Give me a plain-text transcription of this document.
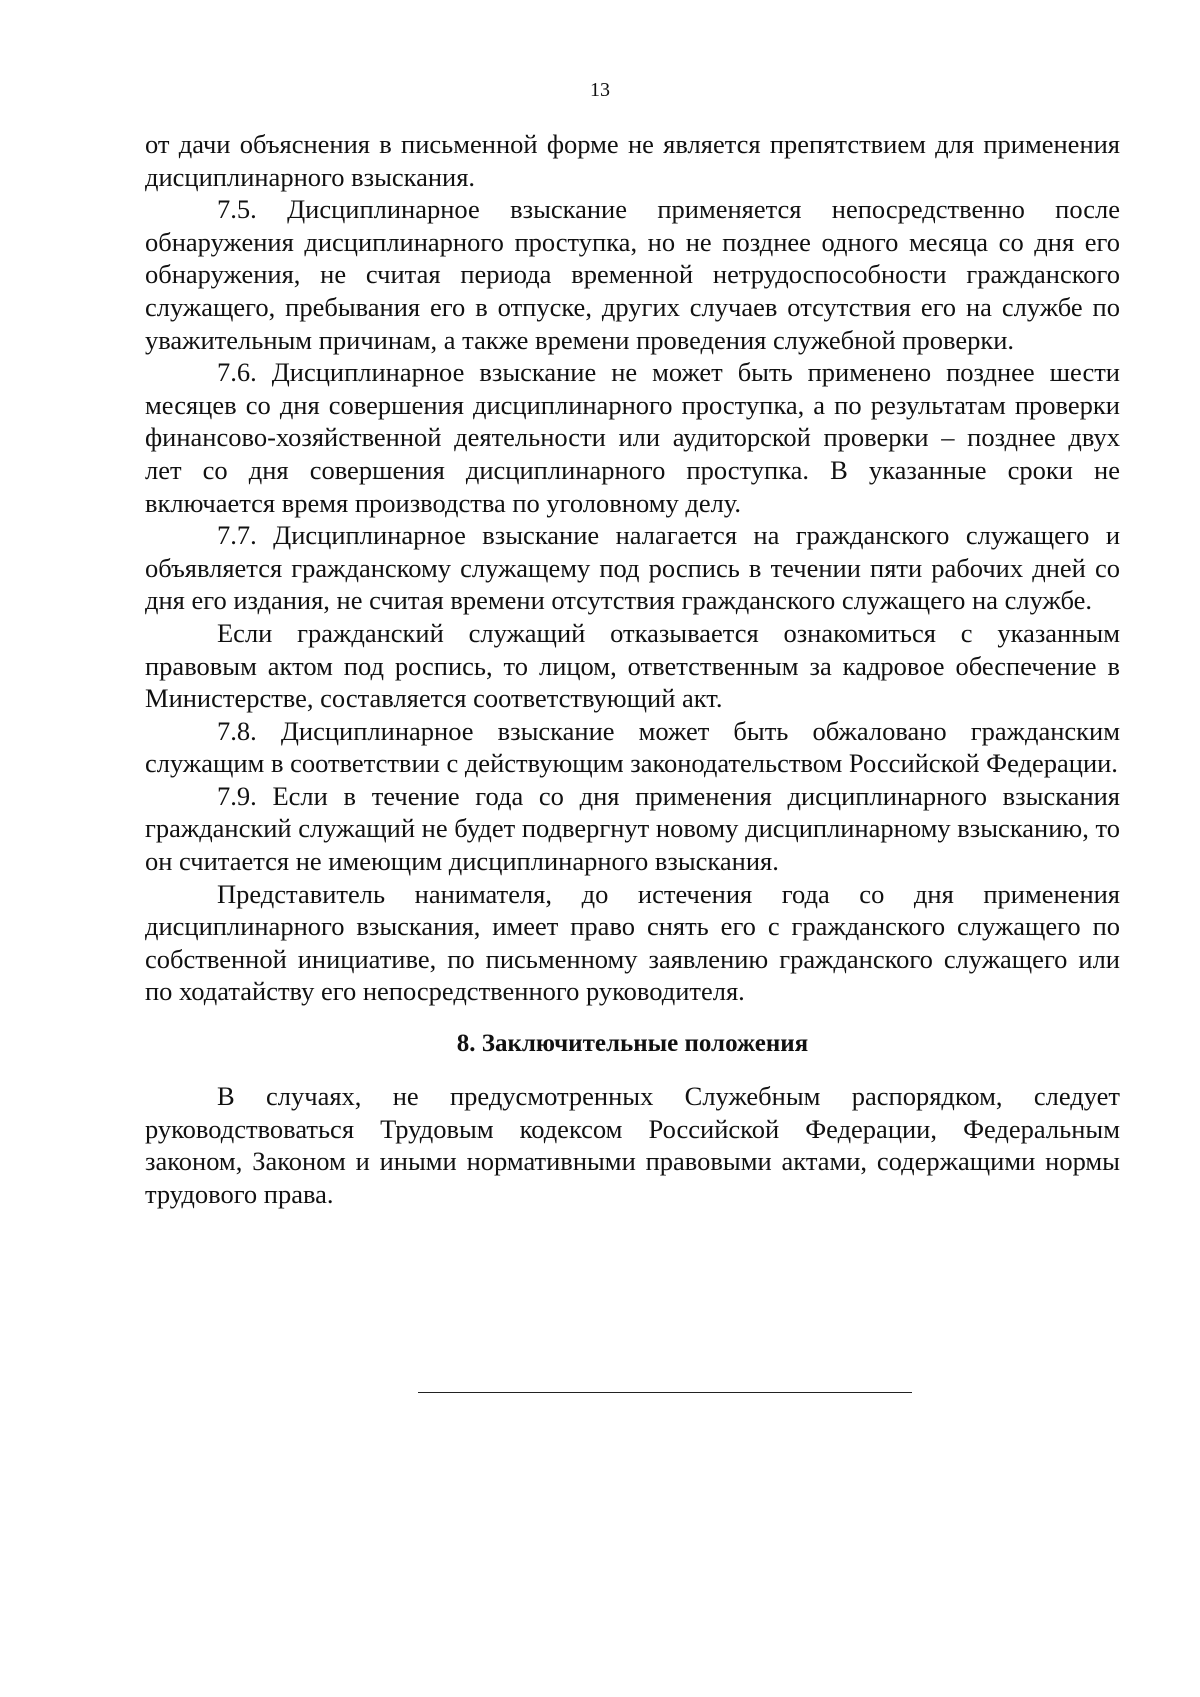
13

от дачи объяснения в письменной форме не является препятствием для применения дисциплинарного взыскания.

7.5. Дисциплинарное взыскание применяется непосредственно после обнаружения дисциплинарного проступка, но не позднее одного месяца со дня его обнаружения, не считая периода временной нетрудоспособности гражданского служащего, пребывания его в отпуске, других случаев отсутствия его на службе по уважительным причинам, а также времени проведения служебной проверки.

7.6. Дисциплинарное взыскание не может быть применено позднее шести месяцев со дня совершения дисциплинарного проступка, а по результатам проверки финансово-хозяйственной деятельности или аудиторской проверки – позднее двух лет со дня совершения дисциплинарного проступка. В указанные сроки не включается время производства по уголовному делу.

7.7. Дисциплинарное взыскание налагается на гражданского служащего и объявляется гражданскому служащему под роспись в течении пяти рабочих дней со дня его издания, не считая времени отсутствия гражданского служащего на службе.

Если гражданский служащий отказывается ознакомиться с указанным правовым актом под роспись, то лицом, ответственным за кадровое обеспечение в Министерстве, составляется соответствующий акт.

7.8. Дисциплинарное взыскание может быть обжаловано гражданским служащим в соответствии с действующим законодательством Российской Федерации.

7.9. Если в течение года со дня применения дисциплинарного взыскания гражданский служащий не будет подвергнут новому дисциплинарному взысканию, то он считается не имеющим дисциплинарного взыскания.

Представитель нанимателя, до истечения года со дня применения дисциплинарного взыскания, имеет право снять его с гражданского служащего по собственной инициативе, по письменному заявлению гражданского служащего или по ходатайству его непосредственного руководителя.

8. Заключительные положения

В случаях, не предусмотренных Служебным распорядком, следует руководствоваться Трудовым кодексом Российской Федерации, Федеральным законом, Законом и иными нормативными правовыми актами, содержащими нормы трудового права.
